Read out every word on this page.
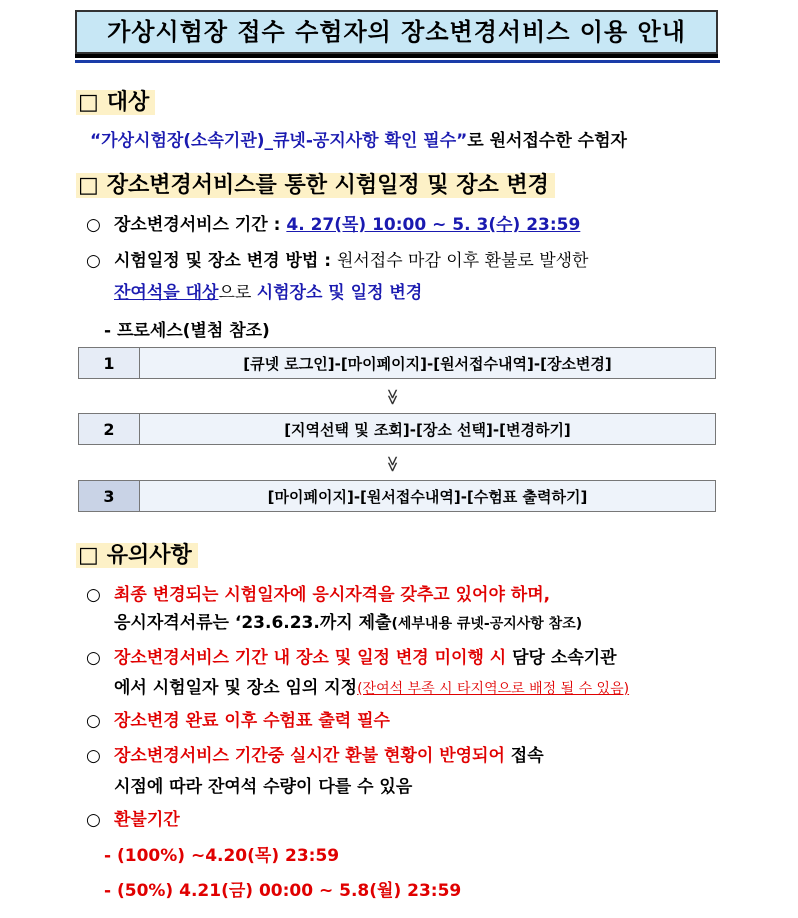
가상시험장 접수 수험자의 장소변경서비스 이용 안내
□ 대상
“가상시험장(소속기관)_큐넷-공지사항 확인 필수”로 원서접수한 수험자
□ 장소변경서비스를 통한 시험일정 및 장소 변경
○ 장소변경서비스 기간 : 4. 27(목) 10:00 ~ 5. 3(수) 23:59
○ 시험일정 및 장소 변경 방법 : 원서접수 마감 이후 환불로 발생한
잔여석을 대상으로 시험장소 및 일정 변경
- 프로세스(별첨 참조)
1	[큐넷 로그인]-[마이페이지]-[원서접수내역]-[장소변경]
≫
2	[지역선택 및 조회]-[장소 선택]-[변경하기]
≫
3	[마이페이지]-[원서접수내역]-[수험표 출력하기]
□ 유의사항
○ 최종 변경되는 시험일자에 응시자격을 갖추고 있어야 하며,
응시자격서류는 ‘23.6.23.까지 제출(세부내용 큐넷-공지사항 참조)
○ 장소변경서비스 기간 내 장소 및 일정 변경 미이행 시 담당 소속기관
에서 시험일자 및 장소 임의 지정(잔여석 부족 시 타지역으로 배정 될 수 있음)
○ 장소변경 완료 이후 수험표 출력 필수
○ 장소변경서비스 기간중 실시간 환불 현황이 반영되어 접속
시점에 따라 잔여석 수량이 다를 수 있음
○ 환불기간
- (100%) ~4.20(목) 23:59
- (50%) 4.21(금) 00:00 ~ 5.8(월) 23:59
